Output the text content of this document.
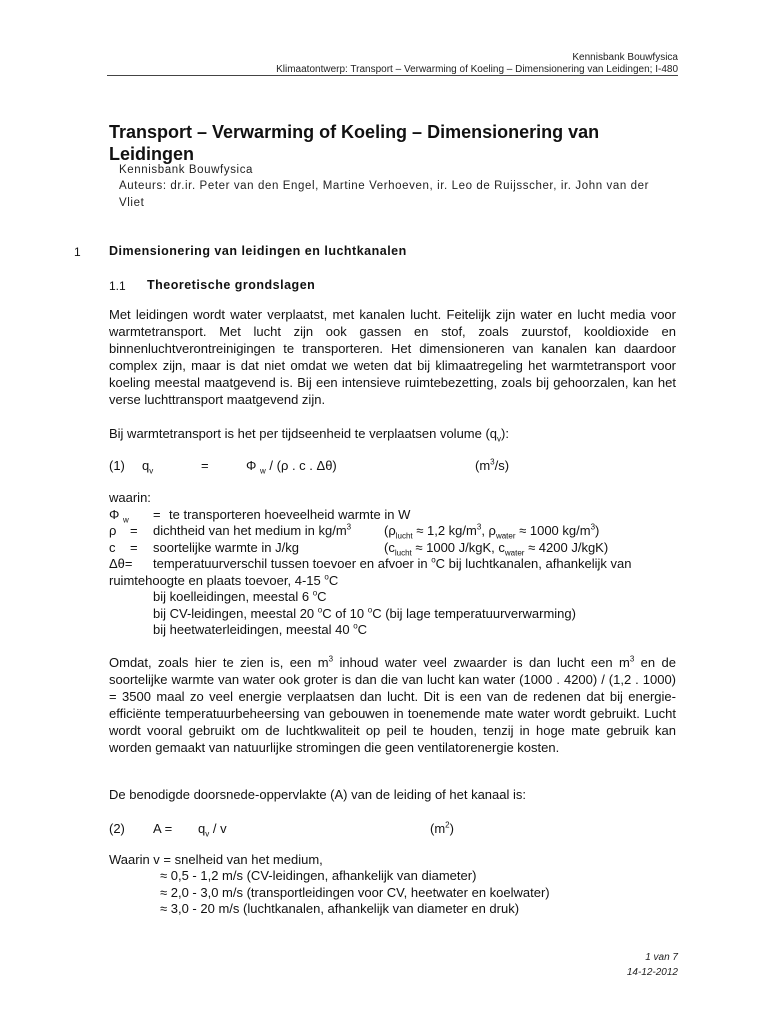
Kennisbank Bouwfysica
Klimaatontwerp: Transport – Verwarming of Koeling – Dimensionering van Leidingen; I-480
Transport – Verwarming of Koeling – Dimensionering van
Leidingen
Kennisbank Bouwfysica
Auteurs: dr.ir. Peter van den Engel, Martine Verhoeven, ir. Leo de Ruijsscher, ir. John van der
Vliet
1 Dimensionering van leidingen en luchtkanalen
1.1 Theoretische grondslagen
Met leidingen wordt water verplaatst, met kanalen lucht. Feitelijk zijn water en lucht media voor warmtetransport. Met lucht zijn ook gassen en stof, zoals zuurstof, kooldioxide en binnenluchtverontreinigingen te transporteren. Het dimensioneren van kanalen kan daardoor complex zijn, maar is dat niet omdat we weten dat bij klimaatregeling het warmtetransport voor koeling meestal maatgevend is. Bij een intensieve ruimtebezetting, zoals bij gehoorzalen, kan het verse luchttransport maatgevend zijn.
Bij warmtetransport is het per tijdseenheid te verplaatsen volume $(q_v)$:
(1) $q_v$	=	Φ $_w$ / (ρ . c . Δθ)	$(m^3/s)$
waarin:
Φ $_w$ = te transporteren hoeveelheid warmte in W
ρ = dichtheid van het medium in $kg/m^3$	($\rho_{lucht} \approx 1,2$ $kg/m^3$, $\rho_{water} \approx 1000$ $kg/m^3$)
c = soortelijke warmte in J/kg	($c_{lucht} \approx 1000$ J/kgK, $c_{water} \approx 4200$ J/kgK)
Δθ= temperatuurverschil tussen toevoer en afvoer in $^o$C bij luchtkanalen, afhankelijk van
ruimtehoogte en plaats toevoer, 4-15 $^o$C
bij koelleidingen, meestal 6 $^o$C
bij CV-leidingen, meestal 20 $^o$C of 10 $^o$C (bij lage temperatuurverwarming)
bij heetwaterleidingen, meestal 40 $^o$C
Omdat, zoals hier te zien is, een $m^3$ inhoud water veel zwaarder is dan lucht een $m^3$ en de soortelijke warmte van water ook groter is dan die van lucht kan water (1000 . 4200) / (1,2 . 1000) = 3500 maal zo veel energie verplaatsen dan lucht. Dit is een van de redenen dat bij energie-efficiënte temperatuurbeheersing van gebouwen in toenemende mate water wordt gebruikt. Lucht wordt vooral gebruikt om de luchtkwaliteit op peil te houden, tenzij in hoge mate gebruik kan worden gemaakt van natuurlijke stromingen die geen ventilatorenergie kosten.
De benodigde doorsnede-oppervlakte (A) van de leiding of het kanaal is:
(2) $A = q_v / v$	$(m^2)$
Waarin v = snelheid van het medium,
≈ 0,5 - 1,2 m/s (CV-leidingen, afhankelijk van diameter)
≈ 2,0 - 3,0 m/s (transportleidingen voor CV, heetwater en koelwater)
≈ 3,0 - 20 m/s (luchtkanalen, afhankelijk van diameter en druk)
1 van 7
14-12-2012
